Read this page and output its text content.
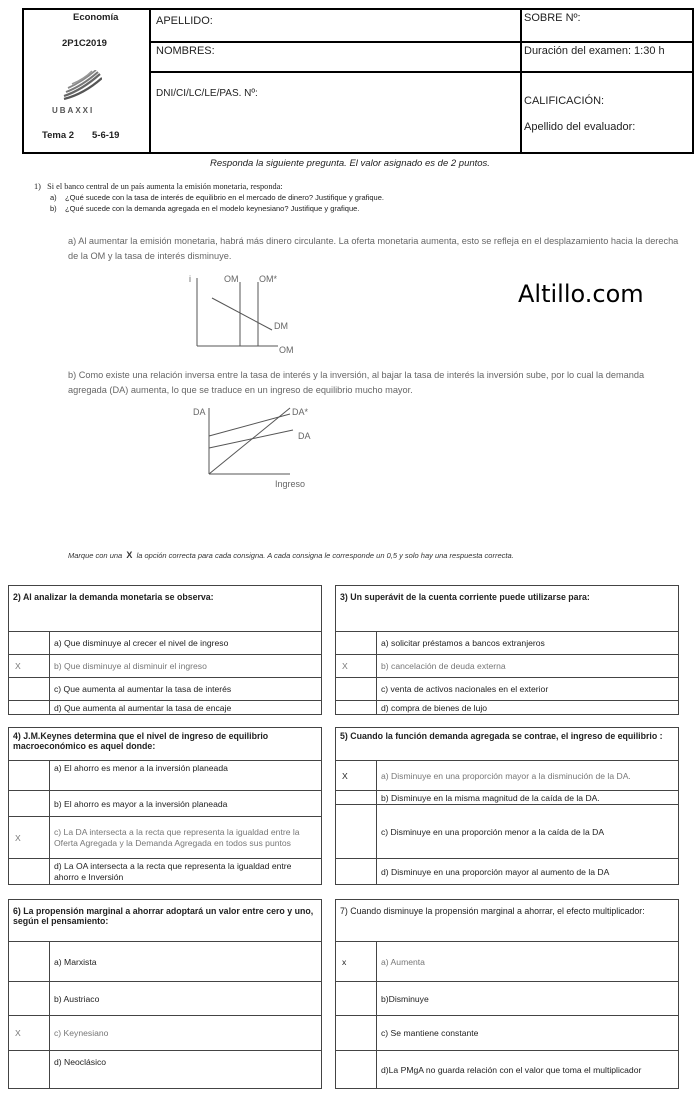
Economía
2P1C2019
UBAXXI
Tema 2 5-6-19
APELLIDO:
NOMBRES:
DNI/CI/LC/LE/PAS. Nº:
SOBRE Nº:
Duración del examen: 1:30 h
CALIFICACIÓN:
Apellido del evaluador:
Responda la siguiente pregunta. El valor asignado es de 2 puntos.
1) Si el banco central de un país aumenta la emisión monetaria, responda:
a) ¿Qué sucede con la tasa de interés de equilibrio en el mercado de dinero? Justifique y grafique.
b) ¿Qué sucede con la demanda agregada en el modelo keynesiano? Justifique y grafique.
a) Al aumentar la emisión monetaria, habrá más dinero circulante. La oferta monetaria aumenta, esto se refleja en el desplazamiento hacia la derecha de la OM y la tasa de interés disminuye.
Altillo.com
i	OM OM*
DM
OM
b) Como existe una relación inversa entre la tasa de interés y la inversión, al bajar la tasa de interés la inversión sube, por lo cual la demanda agregada (DA) aumenta, lo que se traduce en un ingreso de equilibrio mucho mayor.
DA	DA*
DA
Ingreso
Marque con una X la opción correcta para cada consigna. A cada consigna le corresponde un 0,5 y solo hay una respuesta correcta.
2) Al analizar la demanda monetaria se observa:	
	a) Que disminuye al crecer el nivel de ingreso
X	b) Que disminuye al disminuir el ingreso
	c) Que aumenta al aumentar la tasa de interés
	d) Que aumenta al aumentar la tasa de encaje
3) Un superávit de la cuenta corriente puede utilizarse para:	
	a) solicitar préstamos a bancos extranjeros
X	b) cancelación de deuda externa
	c) venta de activos nacionales en el exterior
	d) compra de bienes de lujo
4) J.M.Keynes determina que el nivel de ingreso de equilibrio macroeconómico es aquel donde:	
	a) El ahorro es menor a la inversión planeada
	b) El ahorro es mayor a la inversión planeada
X	c) La DA intersecta a la recta que representa la igualdad entre la Oferta Agregada y la Demanda Agregada en todos sus puntos
	d) La OA intersecta a la recta que representa la igualdad entre ahorro e Inversión
5) Cuando la función demanda agregada se contrae, el ingreso de equilibrio :	
X	a) Disminuye en una proporción mayor a la disminución de la DA.
	b) Disminuye en la misma magnitud de la caída de la DA.
	c) Disminuye en una proporción menor a la caída de la DA
	d) Disminuye en una proporción mayor al aumento de la DA
6) La propensión marginal a ahorrar adoptará un valor entre cero y uno, según el pensamiento:	
	a) Marxista
	b) Austriaco
X	c) Keynesiano
	d) Neoclásico
7) Cuando disminuye la propensión marginal a ahorrar, el efecto multiplicador:	
x	a) Aumenta
	b)Disminuye
	c) Se mantiene constante
	d)La PMgA no guarda relación con el valor que toma el multiplicador
